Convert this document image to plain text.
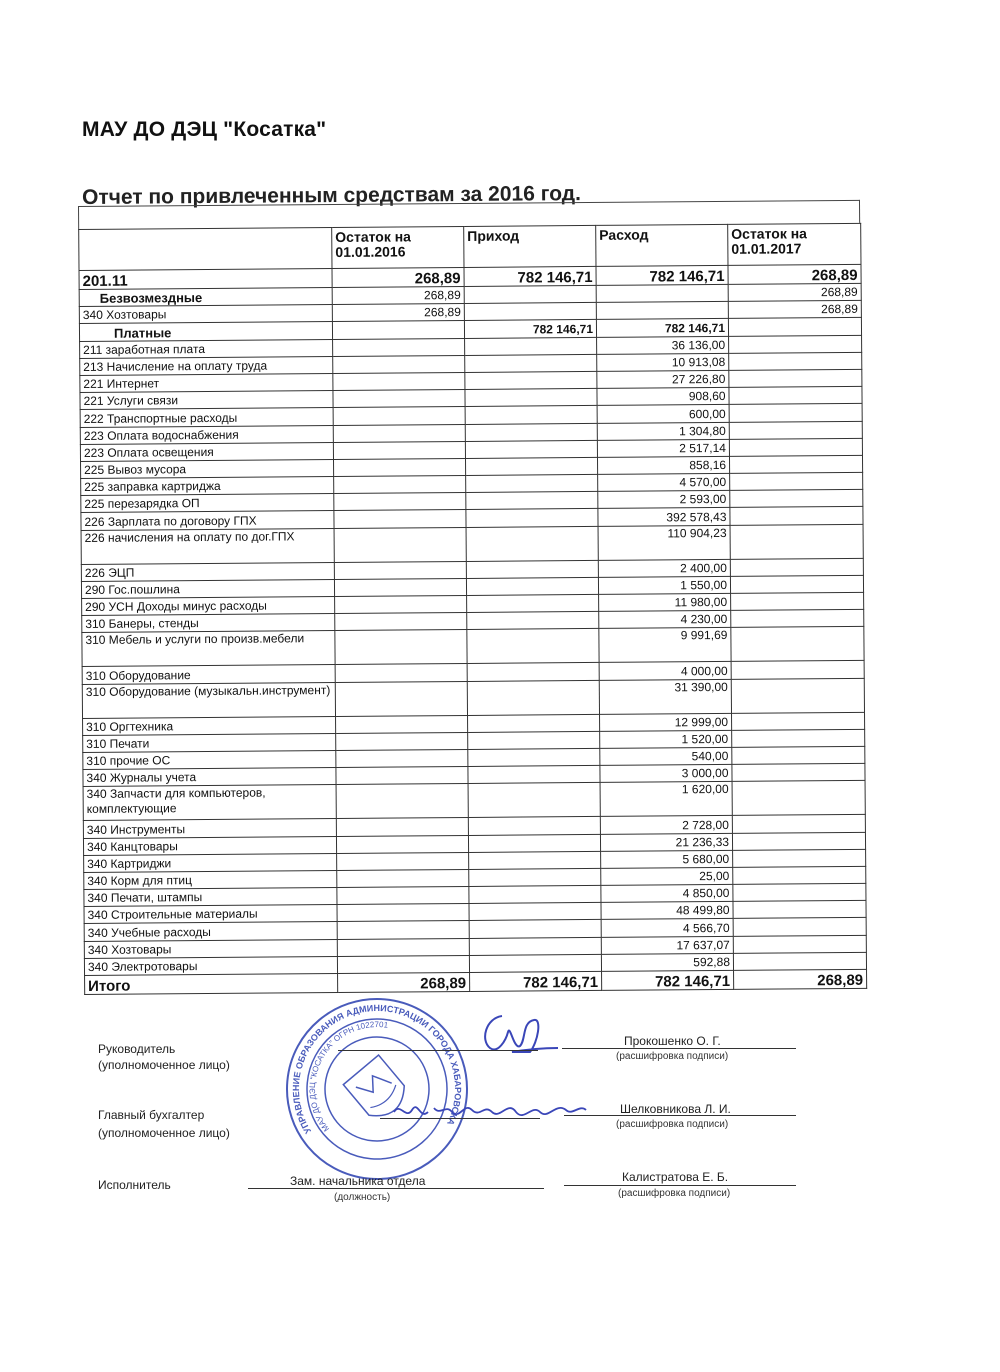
МАУ ДО ДЭЦ "Косатка"
Отчет по привлеченным средствам за 2016 год.
	Остаток на 01.01.2016	Приход	Расход	Остаток на 01.01.2017
201.11	268,89	782 146,71	782 146,71	268,89
Безвозмездные	268,89			268,89
340 Хозтовары	268,89			268,89
Платные		782 146,71	782 146,71	
211 заработная плата			36 136,00	
213 Начисление на оплату труда			10 913,08	
221 Интернет			27 226,80	
221 Услуги связи			908,60	
222 Транспортные расходы			600,00	
223 Оплата водоснабжения			1 304,80	
223 Оплата освещения			2 517,14	
225 Вывоз мусора			858,16	
225 заправка картриджа			4 570,00	
225 перезарядка ОП			2 593,00	
226 Зарплата по договору ГПХ			392 578,43	
226 начисления на оплату по дог.ГПХ			110 904,23	
226 ЭЦП			2 400,00	
290 Гос.пошлина			1 550,00	
290 УСН Доходы минус расходы			11 980,00	
310 Банеры, стенды			4 230,00	
310 Мебель и услуги по произв.мебели			9 991,69	
310 Оборудование			4 000,00	
310 Оборудование (музыкальн.инструмент)			31 390,00	
310 Оргтехника			12 999,00	
310 Печати			1 520,00	
310 прочие ОС			540,00	
340 Журналы учета			3 000,00	
340 Запчасти для компьютеров, комплектующие			1 620,00	
340 Инструменты			2 728,00	
340 Канцтовары			21 236,33	
340 Картриджи			5 680,00	
340 Корм для птиц			25,00	
340 Печати, штампы			4 850,00	
340 Строительные материалы			48 499,80	
340 Учебные расходы			4 566,70	
340 Хозтовары			17 637,07	
340 Электротовары			592,88	
Итого	268,89	782 146,71	782 146,71	268,89
УПРАВЛЕНИЕ ОБРАЗОВАНИЯ АДМИНИСТРАЦИИ ГОРОДА ХАБАРОВСКА
МАУ ДО ДЭЦ "КОСАТКА" ОГРН 1022701
Руководитель
(уполномоченное лицо)
Прокошенко О. Г.
(расшифровка подписи)
Главный бухгалтер
(уполномоченное лицо)
Шелковникова Л. И.
(расшифровка подписи)
Исполнитель	Зам. начальника отдела
(должность)
Калистратова Е. Б.
(расшифровка подписи)
